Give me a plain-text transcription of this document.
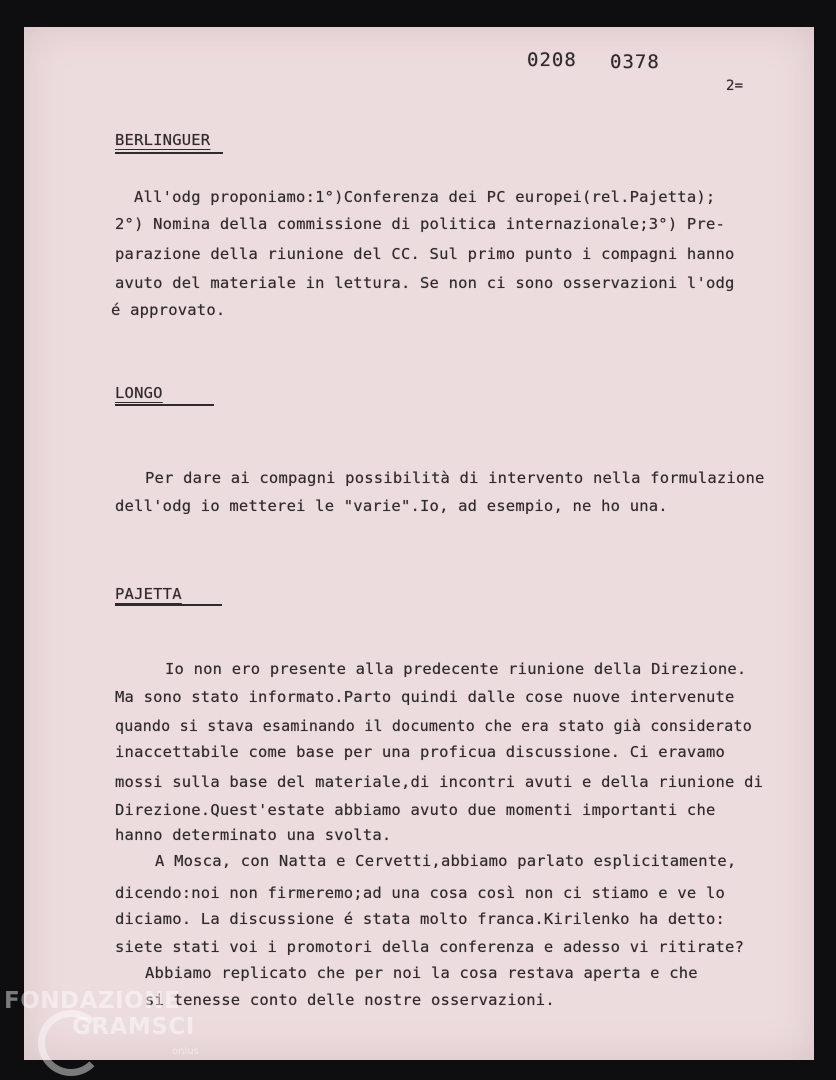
0208 0378
2=
BERLINGUER
All'odg proponiamo:1°)Conferenza dei PC europei(rel.Pajetta);
2°) Nomina della commissione di politica internazionale;3°) Pre-
parazione della riunione del CC. Sul primo punto i compagni hanno
avuto del materiale in lettura. Se non ci sono osservazioni l'odg
é approvato.
LONGO
Per dare ai compagni possibilità di intervento nella formulazione
dell'odg io metterei le "varie".Io, ad esempio, ne ho una.
PAJETTA
Io non ero presente alla predecente riunione della Direzione.
Ma sono stato informato.Parto quindi dalle cose nuove intervenute
quando si stava esaminando il documento che era stato già considerato
inaccettabile come base per una proficua discussione. Ci eravamo
mossi sulla base del materiale,di incontri avuti e della riunione di
Direzione.Quest'estate abbiamo avuto due momenti importanti che
hanno determinato una svolta.
A Mosca, con Natta e Cervetti,abbiamo parlato esplicitamente,
dicendo:noi non firmeremo;ad una cosa così non ci stiamo e ve lo
diciamo. La discussione é stata molto franca.Kirilenko ha detto:
siete stati voi i promotori della conferenza e adesso vi ritirate?
Abbiamo replicato che per noi la cosa restava aperta e che
si tenesse conto delle nostre osservazioni.
FONDAZIONE
GRAMSCI
onlus
